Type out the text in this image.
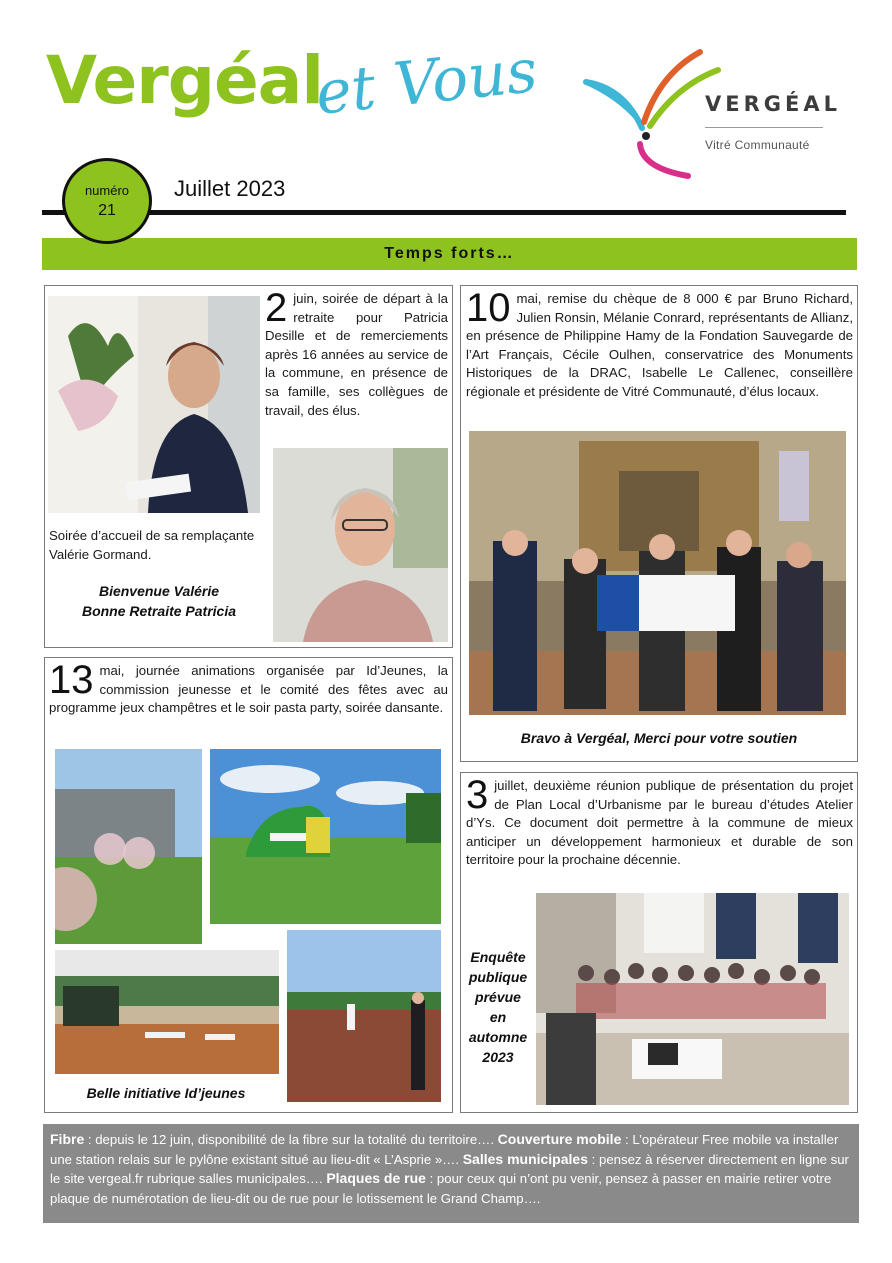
Vergéal
et Vous	VERGÉAL
Vitré Communauté
numéro
21
Juillet 2023
Temps forts…
2 juin, soirée de départ à la retraite pour Patricia Desille et de remerciements après 16 années au service de la commune, en présence de sa famille, ses collègues de travail, des élus.
Soirée d’accueil de sa remplaçante Valérie Gormand.
Bienvenue Valérie
Bonne Retraite Patricia
10 mai, remise du chèque de 8 000 € par Bruno Richard, Julien Ronsin, Mélanie Conrard, représentants de Allianz, en présence de Philippine Hamy de la Fondation Sauvegarde de l’Art Français, Cécile Oulhen, conservatrice des Monuments Historiques de la DRAC, Isabelle Le Callenec, conseillère régionale et présidente de Vitré Communauté, d’élus locaux.
Bravo à Vergéal, Merci pour votre soutien
13 mai, journée animations organisée par Id’Jeunes, la commission jeunesse et le comité des fêtes avec au programme jeux champêtres et le soir pasta party, soirée dansante.
Belle initiative Id’jeunes
3 juillet, deuxième réunion publique de présentation du projet de Plan Local d’Urbanisme par le bureau d’études Atelier d’Ys. Ce document doit permettre à la commune de mieux anticiper un développement harmonieux et durable de son territoire pour la prochaine décennie.
Enquête
publique
prévue
en
automne
2023
Fibre : depuis le 12 juin, disponibilité de la fibre sur la totalité du territoire…. Couverture mobile : L’opérateur Free mobile va installer une station relais sur le pylône existant situé au lieu-dit « L’Asprie »…. Salles municipales : pensez à réserver directement en ligne sur le site vergeal.fr rubrique salles municipales…. Plaques de rue : pour ceux qui n’ont pu venir, pensez à passer en mairie retirer votre plaque de numérotation de lieu-dit ou de rue pour le lotissement le Grand Champ….
